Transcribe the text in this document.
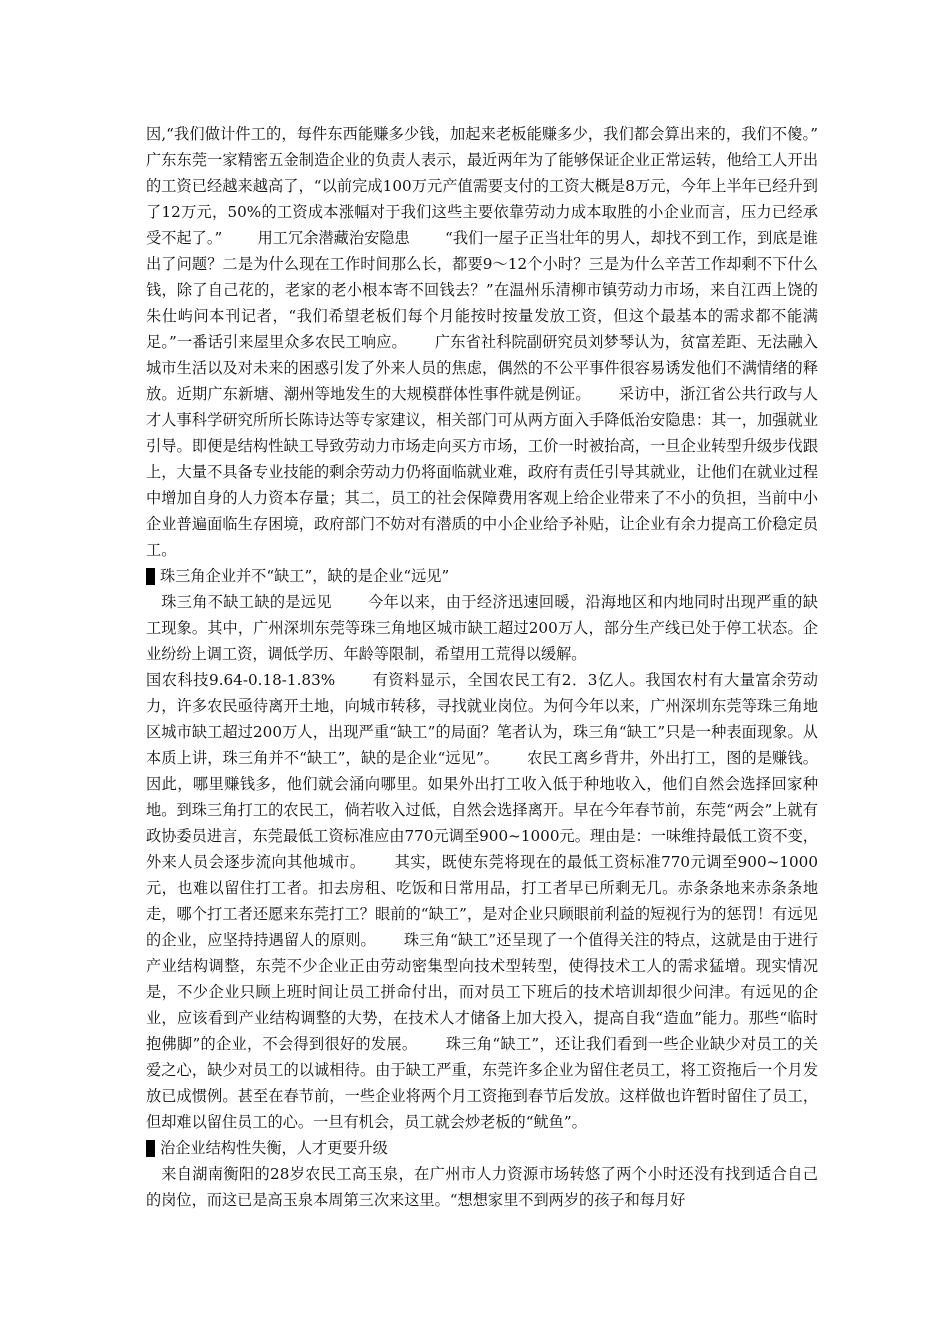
因,“我们做计件工的，每件东西能赚多少钱，加起来老板能赚多少，我们都会算出来的，我们不傻。”　　 广东东莞一家精密五金制造企业的负责人表示，最近两年为了能够保证企业正常运转，他给工人开出的工资已经越来越高了，“以前完成100万元产值需要支付的工资大概是8万元，今年上半年已经升到了12万元，50%的工资成本涨幅对于我们这些主要依靠劳动力成本取胜的小企业而言，压力已经承受不起了。”　　 用工冗余潜藏治安隐患　　 “我们一屋子正当壮年的男人，却找不到工作，到底是谁出了问题？二是为什么现在工作时间那么长，都要9～12个小时？三是为什么辛苦工作却剩不下什么钱，除了自己花的，老家的老小根本寄不回钱去？”在温州乐清柳市镇劳动力市场，来自江西上饶的朱仕屿问本刊记者，“我们希望老板们每个月能按时按量发放工资，但这个最基本的需求都不能满足。”一番话引来屋里众多农民工响应。　　 广东省社科院副研究员刘梦琴认为，贫富差距、无法融入城市生活以及对未来的困惑引发了外来人员的焦虑，偶然的不公平事件很容易诱发他们不满情绪的释放。近期广东新塘、潮州等地发生的大规模群体性事件就是例证。　　 采访中，浙江省公共行政与人才人事科学研究所所长陈诗达等专家建议，相关部门可从两方面入手降低治安隐患：其一，加强就业引导。即便是结构性缺工导致劳动力市场走向买方市场，工价一时被抬高，一旦企业转型升级步伐跟上，大量不具备专业技能的剩余劳动力仍将面临就业难，政府有责任引导其就业，让他们在就业过程中增加自身的人力资本存量；其二，员工的社会保障费用客观上给企业带来了不小的负担，当前中小企业普遍面临生存困境，政府部门不妨对有潜质的中小企业给予补贴，让企业有余力提高工价稳定员工。

珠三角企业并不“缺工”，缺的是企业“远见”

珠三角不缺工缺的是远见　　 今年以来，由于经济迅速回暖，沿海地区和内地同时出现严重的缺工现象。其中，广州深圳东莞等珠三角地区城市缺工超过200万人，部分生产线已处于停工状态。企业纷纷上调工资，调低学历、年龄等限制，希望用工荒得以缓解。

国农科技9.64-0.18-1.83%　　 有资料显示，全国农民工有2．3亿人。我国农村有大量富余劳动力，许多农民亟待离开土地，向城市转移，寻找就业岗位。为何今年以来，广州深圳东莞等珠三角地区城市缺工超过200万人，出现严重“缺工”的局面？笔者认为，珠三角“缺工”只是一种表面现象。从本质上讲，珠三角并不“缺工”，缺的是企业“远见”。　　 农民工离乡背井，外出打工，图的是赚钱。因此，哪里赚钱多，他们就会涌向哪里。如果外出打工收入低于种地收入，他们自然会选择回家种地。到珠三角打工的农民工，倘若收入过低，自然会选择离开。早在今年春节前，东莞“两会”上就有政协委员进言，东莞最低工资标准应由770元调至900~1000元。理由是：一味维持最低工资不变，外来人员会逐步流向其他城市。　　 其实，既使东莞将现在的最低工资标准770元调至900~1000元，也难以留住打工者。扣去房租、吃饭和日常用品，打工者早已所剩无几。赤条条地来赤条条地走，哪个打工者还愿来东莞打工？眼前的“缺工”，是对企业只顾眼前利益的短视行为的惩罚！有远见的企业，应坚持持遇留人的原则。　　 珠三角“缺工”还呈现了一个值得关注的特点，这就是由于进行产业结构调整，东莞不少企业正由劳动密集型向技术型转型，使得技术工人的需求猛增。现实情况是，不少企业只顾上班时间让员工拼命付出，而对员工下班后的技术培训却很少问津。有远见的企业，应该看到产业结构调整的大势，在技术人才储备上加大投入，提高自我“造血”能力。那些“临时抱佛脚”的企业，不会得到很好的发展。　　 珠三角“缺工”，还让我们看到一些企业缺少对员工的关爱之心，缺少对员工的以诚相待。由于缺工严重，东莞许多企业为留住老员工，将工资拖后一个月发放已成惯例。甚至在春节前，一些企业将两个月工资拖到春节后发放。这样做也许暂时留住了员工，但却难以留住员工的心。一旦有机会，员工就会炒老板的“鱿鱼”。

治企业结构性失衡，人才更要升级

来自湖南衡阳的28岁农民工高玉泉，在广州市人力资源市场转悠了两个小时还没有找到适合自己的岗位，而这已是高玉泉本周第三次来这里。“想想家里不到两岁的孩子和每月好
